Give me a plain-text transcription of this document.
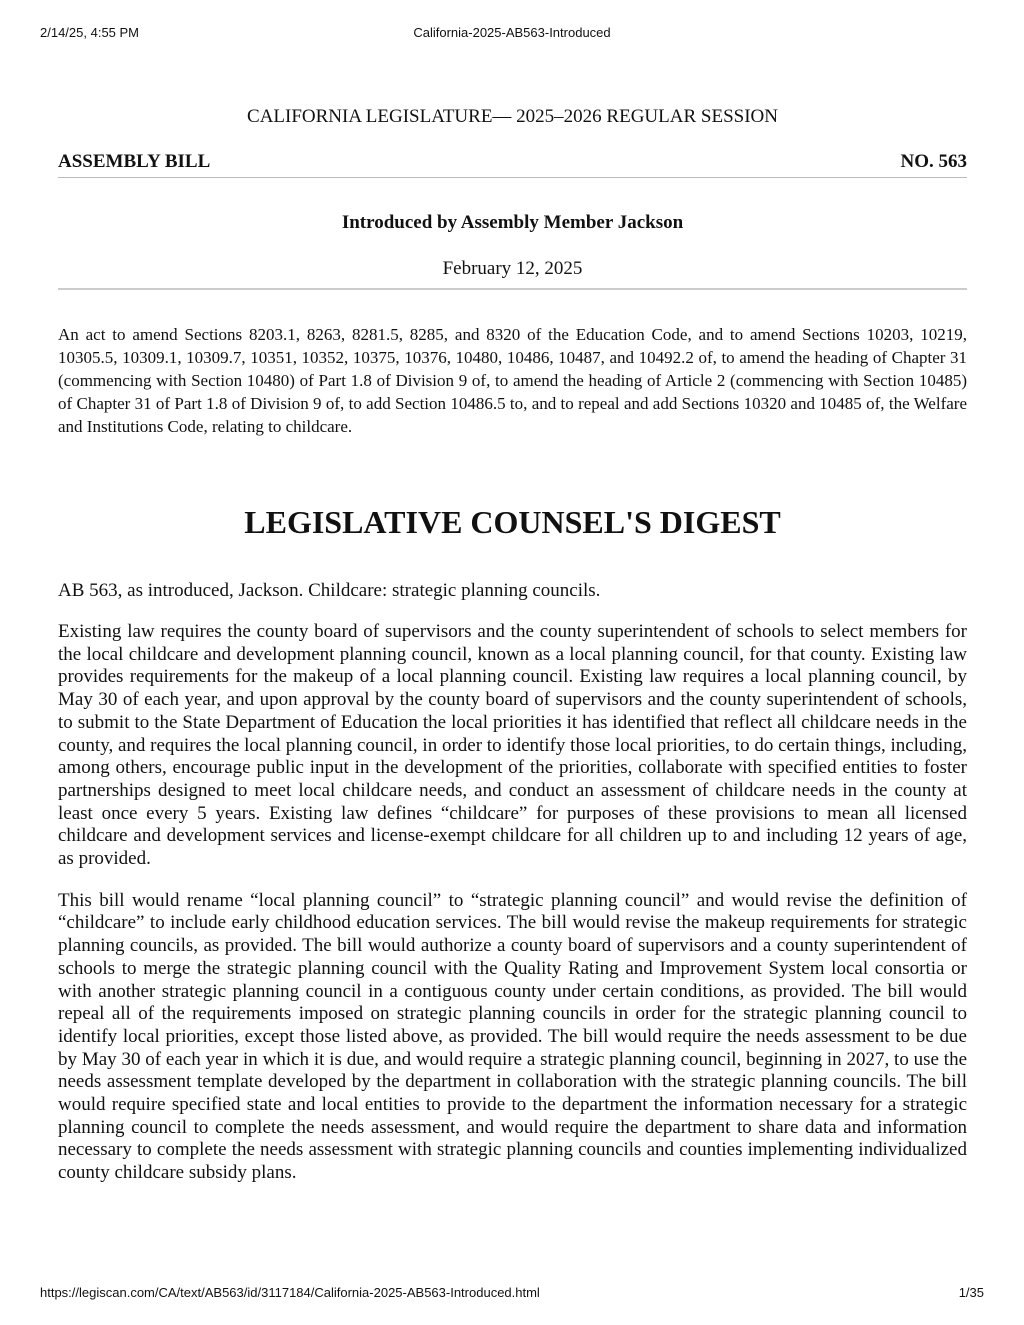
2/14/25, 4:55 PM	California-2025-AB563-Introduced
CALIFORNIA LEGISLATURE— 2025–2026 REGULAR SESSION
ASSEMBLY BILL	NO. 563
Introduced by Assembly Member Jackson
February 12, 2025

An act to amend Sections 8203.1, 8263, 8281.5, 8285, and 8320 of the Education Code, and to amend Sections 10203, 10219, 10305.5, 10309.1, 10309.7, 10351, 10352, 10375, 10376, 10480, 10486, 10487, and 10492.2 of, to amend the heading of Chapter 31 (commencing with Section 10480) of Part 1.8 of Division 9 of, to amend the heading of Article 2 (commencing with Section 10485) of Chapter 31 of Part 1.8 of Division 9 of, to add Section 10486.5 to, and to repeal and add Sections 10320 and 10485 of, the Welfare and Institutions Code, relating to childcare.

LEGISLATIVE COUNSEL'S DIGEST

AB 563, as introduced, Jackson. Childcare: strategic planning councils.

Existing law requires the county board of supervisors and the county superintendent of schools to select members for the local childcare and development planning council, known as a local planning council, for that county. Existing law provides requirements for the makeup of a local planning council. Existing law requires a local planning council, by May 30 of each year, and upon approval by the county board of supervisors and the county superintendent of schools, to submit to the State Department of Education the local priorities it has identified that reflect all childcare needs in the county, and requires the local planning council, in order to identify those local priorities, to do certain things, including, among others, encourage public input in the development of the priorities, collaborate with specified entities to foster partnerships designed to meet local childcare needs, and conduct an assessment of childcare needs in the county at least once every 5 years. Existing law defines “childcare” for purposes of these provisions to mean all licensed childcare and development services and license-exempt childcare for all children up to and including 12 years of age, as provided.

This bill would rename “local planning council” to “strategic planning council” and would revise the definition of “childcare” to include early childhood education services. The bill would revise the makeup requirements for strategic planning councils, as provided. The bill would authorize a county board of supervisors and a county superintendent of schools to merge the strategic planning council with the Quality Rating and Improvement System local consortia or with another strategic planning council in a contiguous county under certain conditions, as provided. The bill would repeal all of the requirements imposed on strategic planning councils in order for the strategic planning council to identify local priorities, except those listed above, as provided. The bill would require the needs assessment to be due by May 30 of each year in which it is due, and would require a strategic planning council, beginning in 2027, to use the needs assessment template developed by the department in collaboration with the strategic planning councils. The bill would require specified state and local entities to provide to the department the information necessary for a strategic planning council to complete the needs assessment, and would require the department to share data and information necessary to complete the needs assessment with strategic planning councils and counties implementing individualized county childcare subsidy plans.

https://legiscan.com/CA/text/AB563/id/3117184/California-2025-AB563-Introduced.html	1/35
